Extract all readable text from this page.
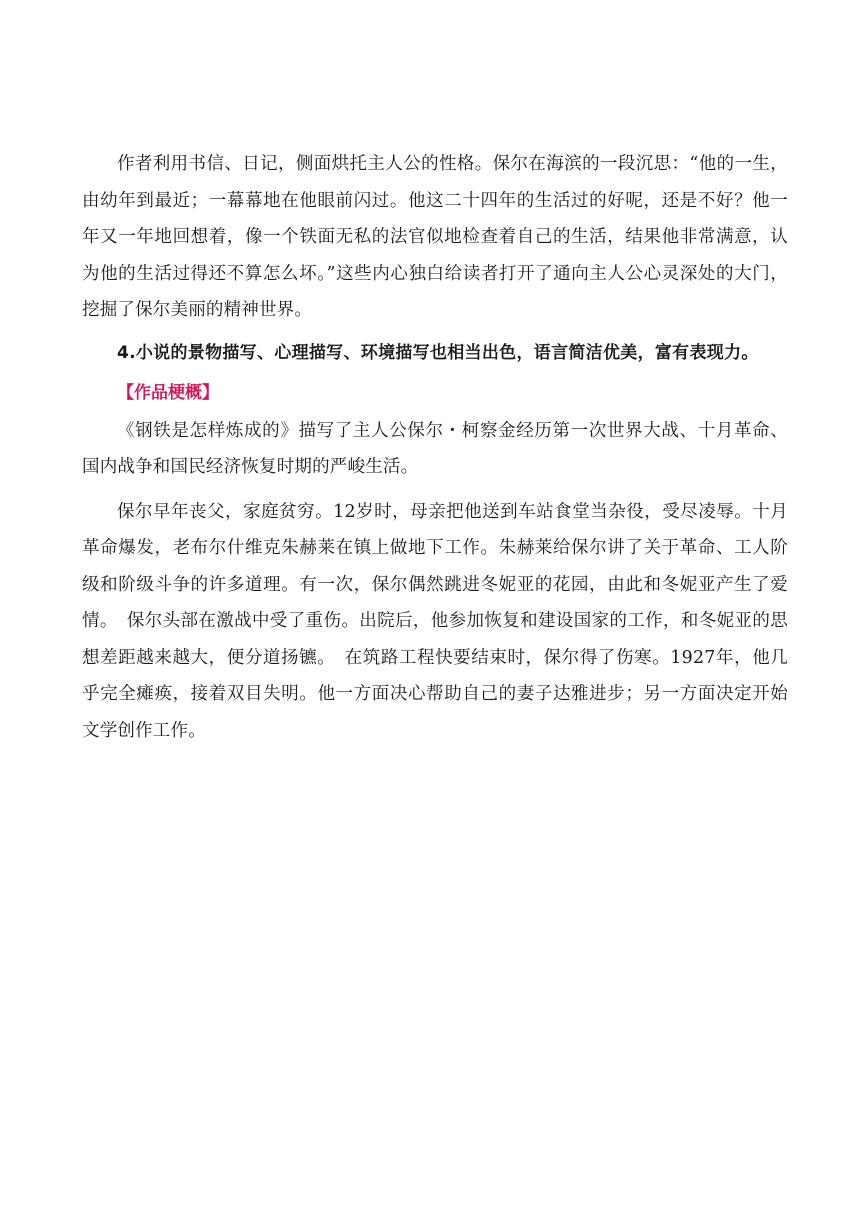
作者利用书信、日记，侧面烘托主人公的性格。保尔在海滨的一段沉思：“他的一生，由幼年到最近；一幕幕地在他眼前闪过。他这二十四年的生活过的好呢，还是不好？他一年又一年地回想着，像一个铁面无私的法官似地检查着自己的生活，结果他非常满意，认为他的生活过得还不算怎么坏。”这些内心独白给读者打开了通向主人公心灵深处的大门，挖掘了保尔美丽的精神世界。

4.小说的景物描写、心理描写、环境描写也相当出色，语言简洁优美，富有表现力。

【作品梗概】

《钢铁是怎样炼成的》描写了主人公保尔・柯察金经历第一次世界大战、十月革命、国内战争和国民经济恢复时期的严峻生活。

保尔早年丧父，家庭贫穷。12岁时，母亲把他送到车站食堂当杂役，受尽凌辱。十月革命爆发，老布尔什维克朱赫莱在镇上做地下工作。朱赫莱给保尔讲了关于革命、工人阶级和阶级斗争的许多道理。有一次，保尔偶然跳进冬妮亚的花园，由此和冬妮亚产生了爱情。　保尔头部在激战中受了重伤。出院后，他参加恢复和建设国家的工作，和冬妮亚的思想差距越来越大，便分道扬镳。　在筑路工程快要结束时，保尔得了伤寒。1927年，他几乎完全瘫痪，接着双目失明。他一方面决心帮助自己的妻子达雅进步；另一方面决定开始文学创作工作。
